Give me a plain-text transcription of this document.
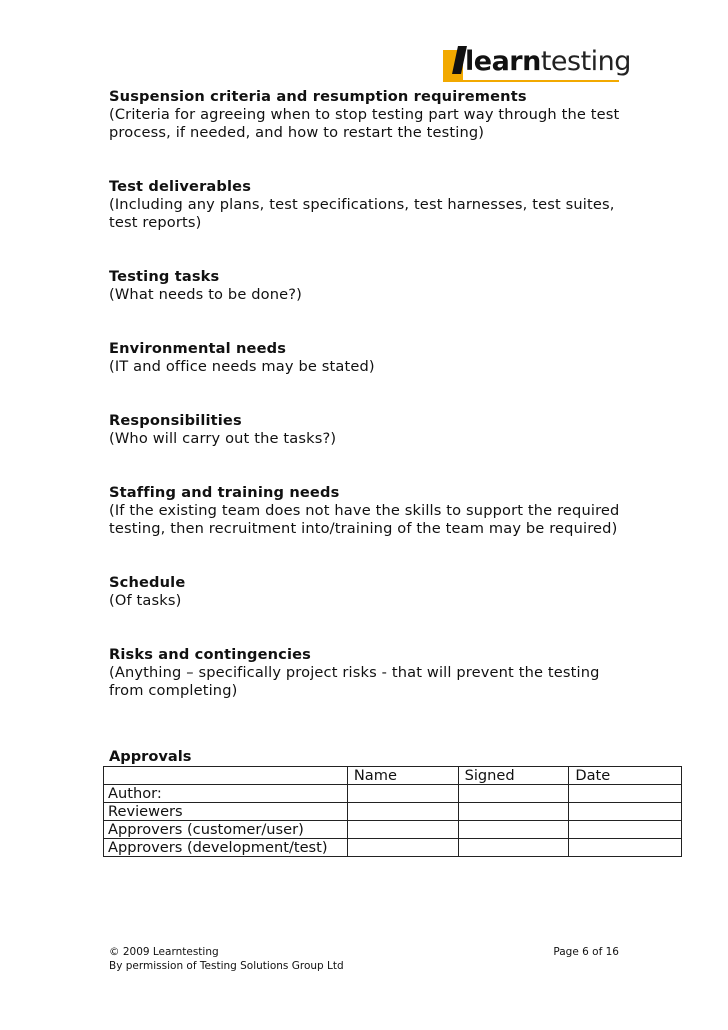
learntesting
Suspension criteria and resumption requirements

(Criteria for agreeing when to stop testing part way through the test process, if needed, and how to restart the testing)

Test deliverables

(Including any plans, test specifications, test harnesses, test suites, test reports)

Testing tasks

(What needs to be done?)

Environmental needs

(IT and office needs may be stated)

Responsibilities

(Who will carry out the tasks?)

Staffing and training needs

(If the existing team does not have the skills to support the required testing, then recruitment into/training of the team may be required)

Schedule

(Of tasks)

Risks and contingencies

(Anything – specifically project risks - that will prevent the testing from completing)

Approvals
	Name	Signed	Date
Author:			
Reviewers			
Approvers (customer/user)			
Approvers (development/test)			
© 2009 Learntesting
By permission of Testing Solutions Group Ltd
Page 6 of 16
